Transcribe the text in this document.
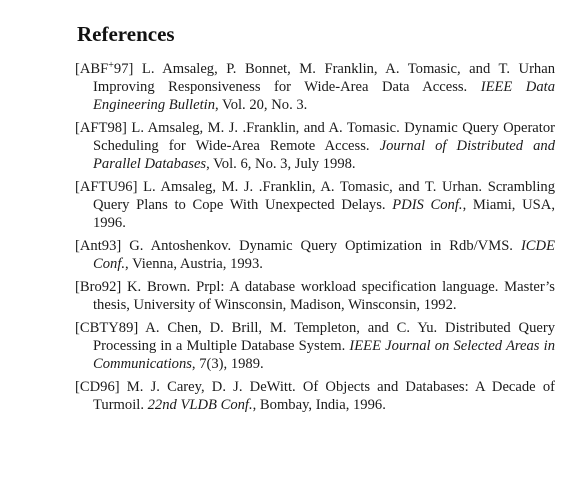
References
[ABF+97] L. Amsaleg, P. Bonnet, M. Franklin, A. Tomasic, and T. Urhan Improving Responsiveness for Wide-Area Data Access. IEEE Data Engineering Bulletin, Vol. 20, No. 3.
[AFT98] L. Amsaleg, M. J. .Franklin, and A. Tomasic. Dynamic Query Operator Scheduling for Wide-Area Remote Access. Journal of Distributed and Parallel Databases, Vol. 6, No. 3, July 1998.
[AFTU96] L. Amsaleg, M. J. .Franklin, A. Tomasic, and T. Urhan. Scrambling Query Plans to Cope With Unexpected Delays. PDIS Conf., Miami, USA, 1996.
[Ant93] G. Antoshenkov. Dynamic Query Optimization in Rdb/VMS. ICDE Conf., Vienna, Austria, 1993.
[Bro92] K. Brown. Prpl: A database workload specification language. Master’s thesis, University of Winsconsin, Madison, Winsconsin, 1992.
[CBTY89] A. Chen, D. Brill, M. Templeton, and C. Yu. Distributed Query Processing in a Multiple Database System. IEEE Journal on Selected Areas in Communications, 7(3), 1989.
[CD96] M. J. Carey, D. J. DeWitt. Of Objects and Databases: A Decade of Turmoil. 22nd VLDB Conf., Bombay, India, 1996.
